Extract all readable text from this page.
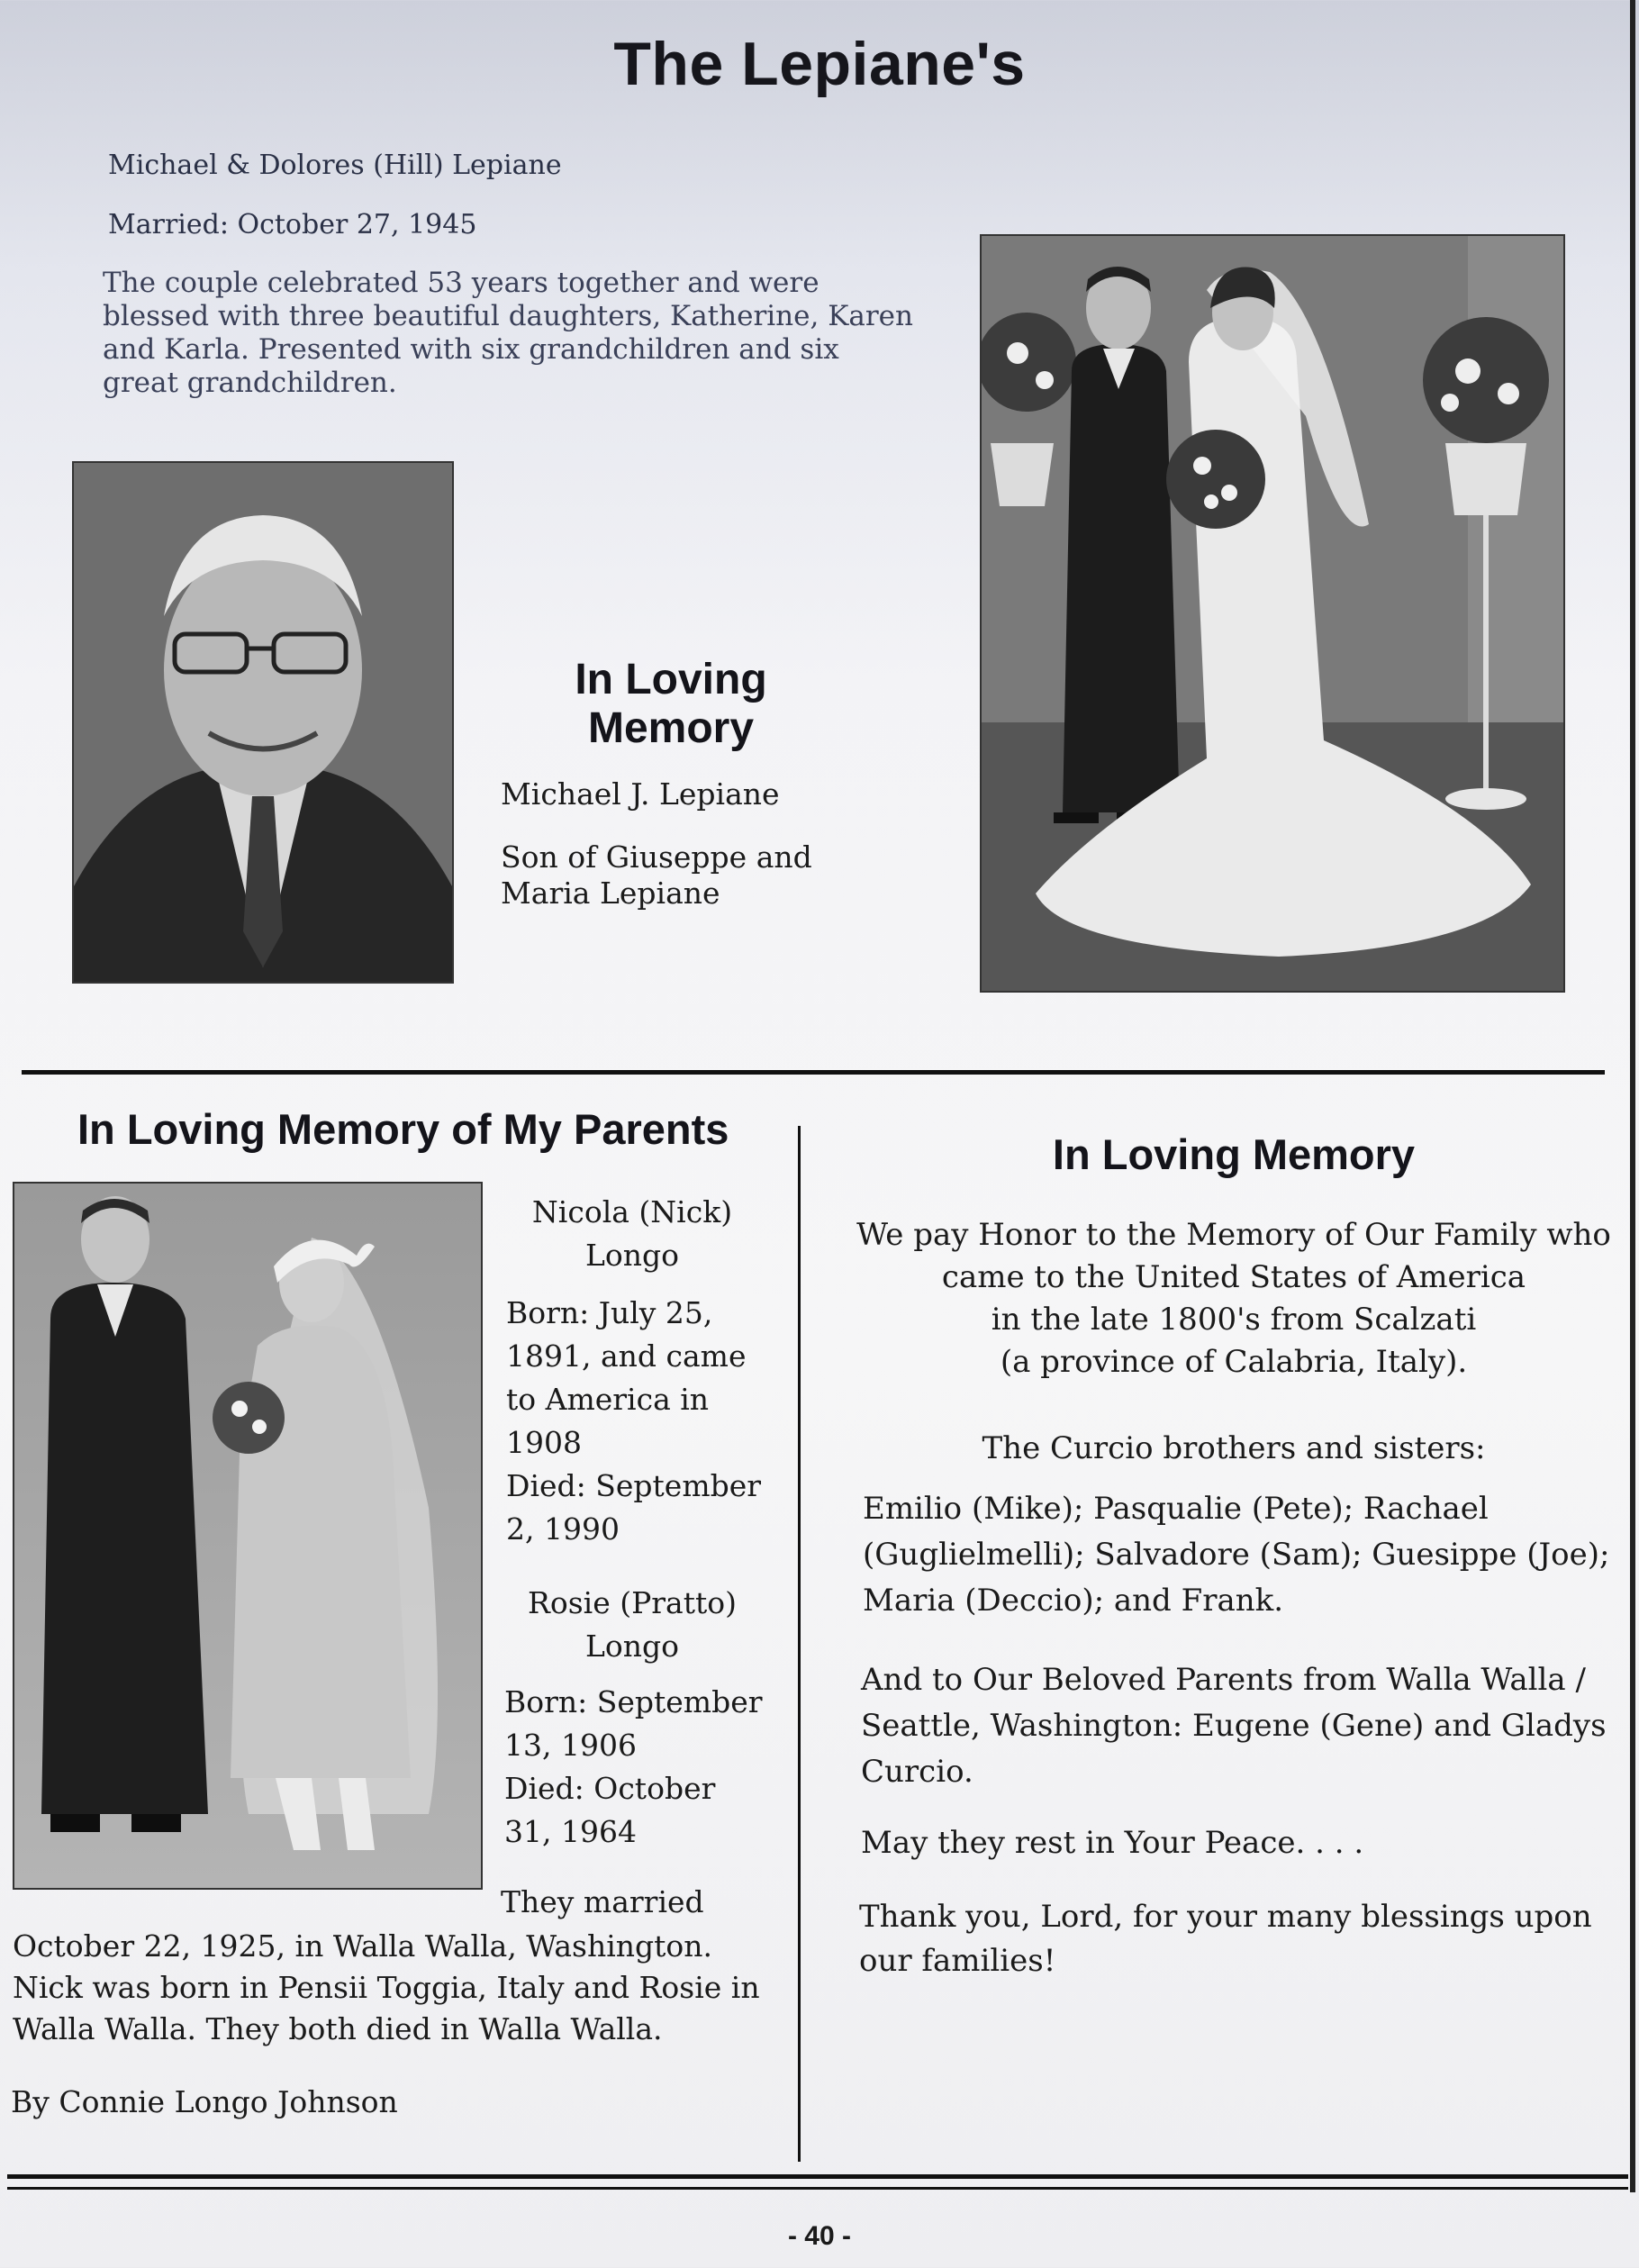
The Lepiane's
Michael & Dolores (Hill) Lepiane
Married: October 27, 1945
The couple celebrated 53 years together and were blessed with three beautiful daughters, Katherine, Karen and Karla. Presented with six grandchildren and six great grandchildren.
In Loving
Memory
Michael J. Lepiane
Son of Giuseppe and
Maria Lepiane
In Loving Memory of My Parents
Nicola (Nick)
Longo
Born: July 25,
1891, and came
to America in
1908
Died: September
2, 1990
Rosie (Pratto)
Longo
Born: September
13, 1906
Died: October
31, 1964
They married
October 22, 1925, in Walla Walla, Washington. Nick was born in Pensii Toggia, Italy and Rosie in Walla Walla. They both died in Walla Walla.
By Connie Longo Johnson
In Loving Memory
We pay Honor to the Memory of Our Family who
came to the United States of America
in the late 1800's from Scalzati
(a province of Calabria, Italy).
The Curcio brothers and sisters:
Emilio (Mike); Pasqualie (Pete); Rachael (Guglielmelli); Salvadore (Sam); Guesippe (Joe); Maria (Deccio); and Frank.
And to Our Beloved Parents from Walla Walla / Seattle, Washington: Eugene (Gene) and Gladys Curcio.
May they rest in Your Peace. . . .
Thank you, Lord, for your many blessings upon our families!
- 40 -
